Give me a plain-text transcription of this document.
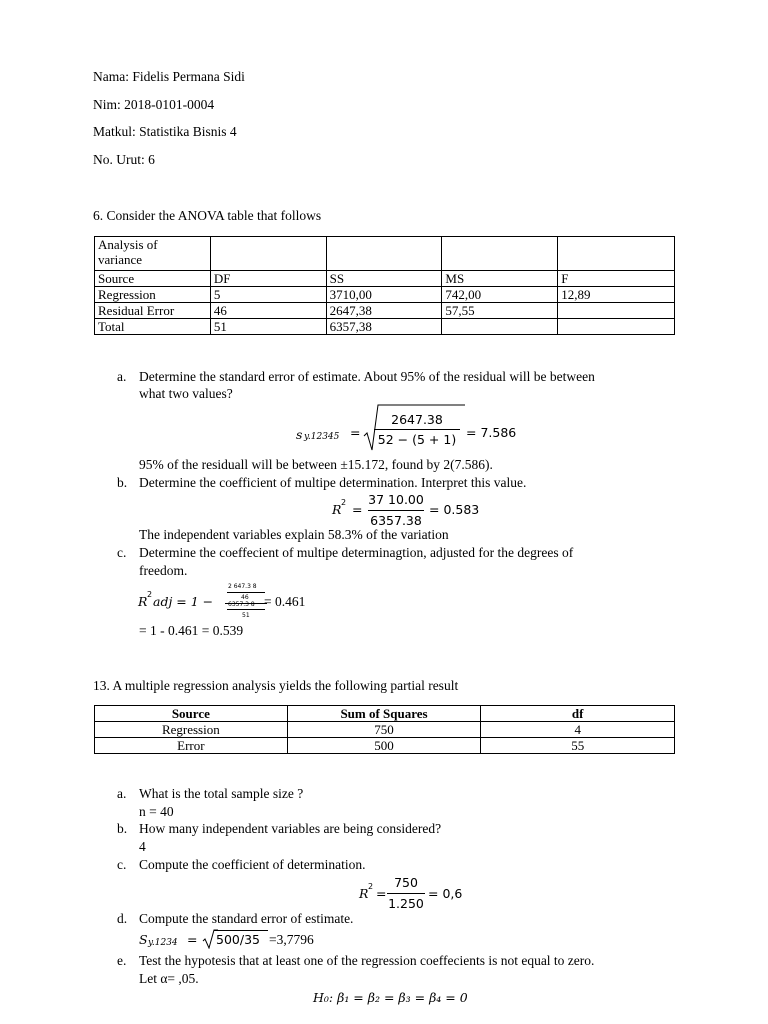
Nama: Fidelis Permana Sidi
Nim: 2018-0101-0004
Matkul: Statistika Bisnis 4
No. Urut: 6
6. Consider the ANOVA table that follows
Analysis of
variance				

Source	DF	SS	MS	F
Regression	5	3710,00	742,00	12,89
Residual Error	46	2647,38	57,55	
Total	51	6357,38		
a. Determine the standard error of estimate. About 95% of the residual will be between
what two values?
s y.12345 =
2647.38
52 − (5 + 1) = 7.586
95% of the residuall will be between ±15.172, found by 2(7.586).
b. Determine the coefficient of multipe determination. Interpret this value.
R 2 =
37 10.00
6357.38
= 0.583
The independent variables explain 58.3% of the variation
c. Determine the coeffecient of multipe determinagtion, adjusted for the degrees of
freedom.
R 2 adj = 1 −
2 647.3 8
46
6357.3 8
51
= 0.461
= 1 - 0.461 = 0.539
13. A multiple regression analysis yields the following partial result
Source	Sum of Squares	df
Regression	750	4
Error	500	55
a. What is the total sample size ?
n = 40
b. How many independent variables are being considered?
4
c. Compute the coefficient of determination.
R 2 =
750
1.250
= 0,6
d. Compute the standard error of estimate.
S y.1234 = 500/35 =3,7796
e. Test the hypotesis that at least one of the regression coeffecients is not equal to zero.
Let α= ,05.
H₀: β₁ = β₂ = β₃ = β₄ = 0
